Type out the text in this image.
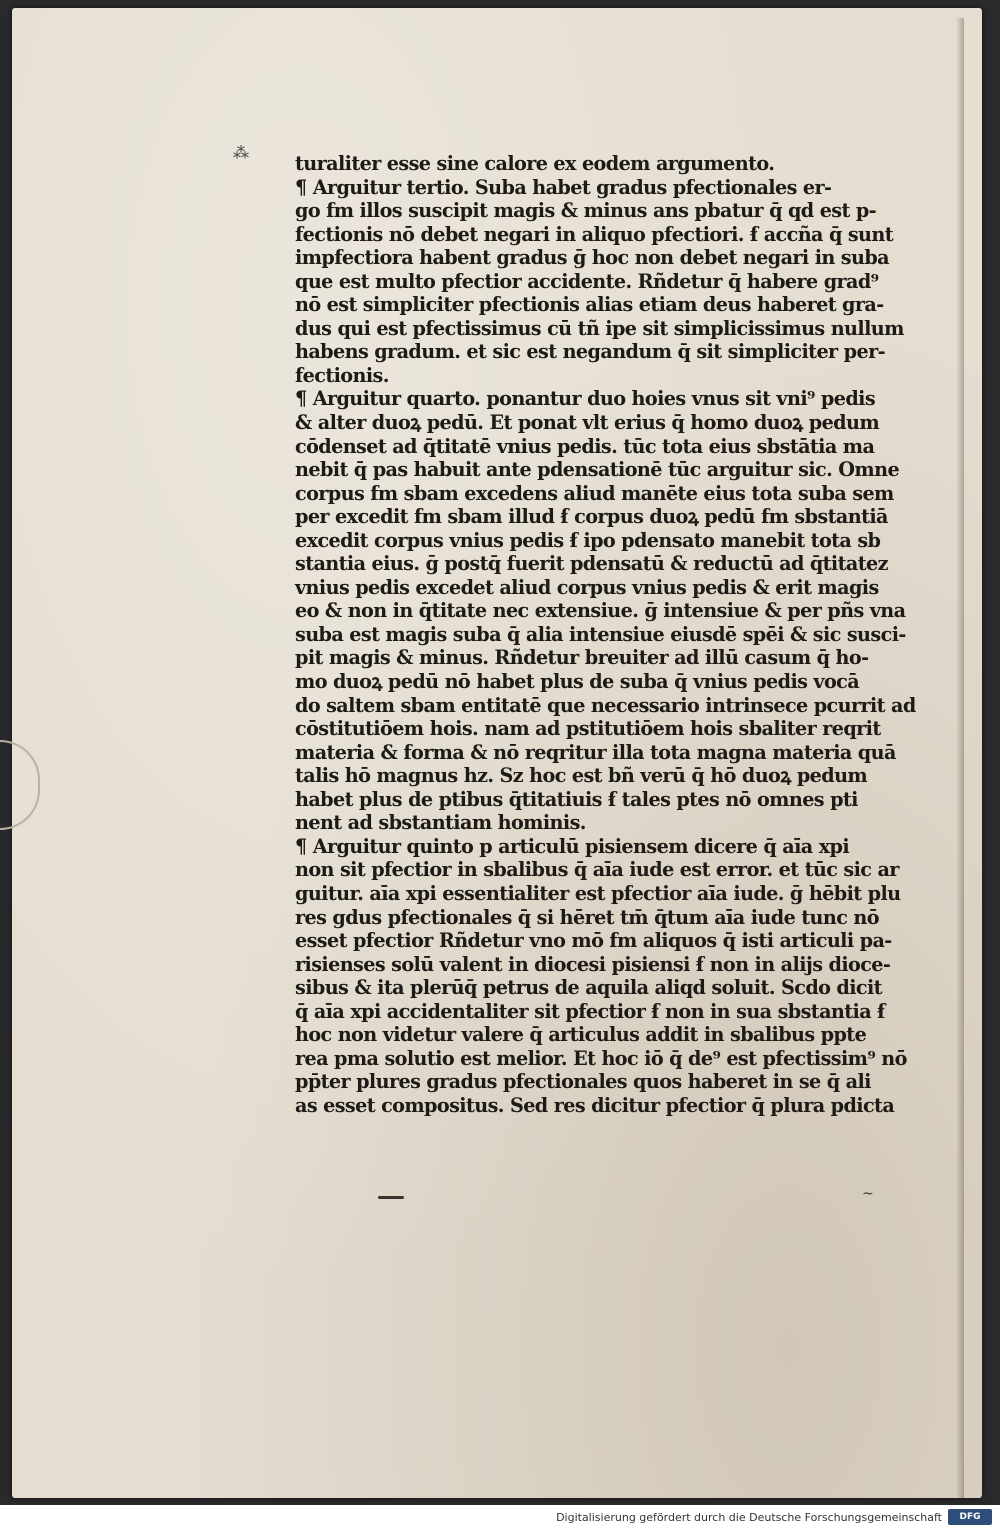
⁂ turaliter esse sine calore ex eodem argumento.
¶ Arguitur tertio. Suba habet gradus pfectionales er-
go fm illos suscipit magis & minus ans pbatur q̄ qd est p-
fectionis nō debet negari in aliquo pfectiori. ẜ accña q̄ sunt
impfectiora habent gradus ḡ hoc non debet negari in suba
que est multo pfectior accidente. Rñdetur q̄ habere grad⁹
nō est simpliciter pfectionis alias etiam deus haberet gra-
dus qui est pfectissimus cū tñ ipe sit simplicissimus nullum
habens gradum. et sic est negandum q̄ sit simpliciter per-
fectionis.
¶ Arguitur quarto. ponantur duo hoies vnus sit vni⁹ pedis
& alter duoꝝ pedū. Et ponat vlt erius q̄ homo duoꝝ pedum
cōdenset ad q̄titatē vnius pedis. tūc tota eius sbstātia ma
nebit q̄ pas habuit ante pdensationē tūc arguitur sic. Omne
corpus fm sbam excedens aliud manēte eius tota suba sem
per excedit fm sbam illud ẜ corpus duoꝝ pedū fm sbstantiā
excedit corpus vnius pedis ẜ ipo pdensato manebit tota sb
stantia eius. ḡ postq̄ fuerit pdensatū & reductū ad q̄titatez
vnius pedis excedet aliud corpus vnius pedis & erit magis
eo & non in q̄titate nec extensiue. ḡ intensiue & per pñs vna
suba est magis suba q̄ alia intensiue eiusdē spēi & sic susci-
pit magis & minus. Rñdetur breuiter ad illū casum q̄ ho-
mo duoꝝ pedū nō habet plus de suba q̄ vnius pedis vocā
do saltem sbam entitatē que necessario intrinsece pcurrit ad
cōstitutiōem hois. nam ad pstitutiōem hois sbaliter reqrit
materia & forma & nō reqritur illa tota magna materia quā
talis hō magnus hz. Sz hoc est bñ verū q̄ hō duoꝝ pedum
habet plus de ptibus q̄titatiuis ẜ tales ptes nō omnes pti
nent ad sbstantiam hominis.
¶ Arguitur quinto p articulū pisiensem dicere q̄ aīa xpi
non sit pfectior in sbalibus q̄ aīa iude est error. et tūc sic ar
guitur. aīa xpi essentialiter est pfectior aīa iude. ḡ hēbit plu
res gdus pfectionales q̄ si hēret tm̄ q̄tum aīa iude tunc nō
esset pfectior Rñdetur vno mō fm aliquos q̄ isti articuli pa-
risienses solū valent in diocesi pisiensi ẜ non in alijs dioce-
sibus & ita plerūq̄ petrus de aquila aliqd soluit. Scdo dicit
q̄ aīa xpi accidentaliter sit pfectior ẜ non in sua sbstantia ẜ
hoc non videtur valere q̄ articulus addit in sbalibus ppte
rea pma solutio est melior. Et hoc iō q̄ de⁹ est pfectissim⁹ nō
pp̄ter plures gradus pfectionales quos haberet in se q̄ ali
as esset compositus. Sed res dicitur pfectior q̄ plura pdicta
Digitalisierung gefördert durch die Deutsche Forschungsgemeinschaft	DFG
